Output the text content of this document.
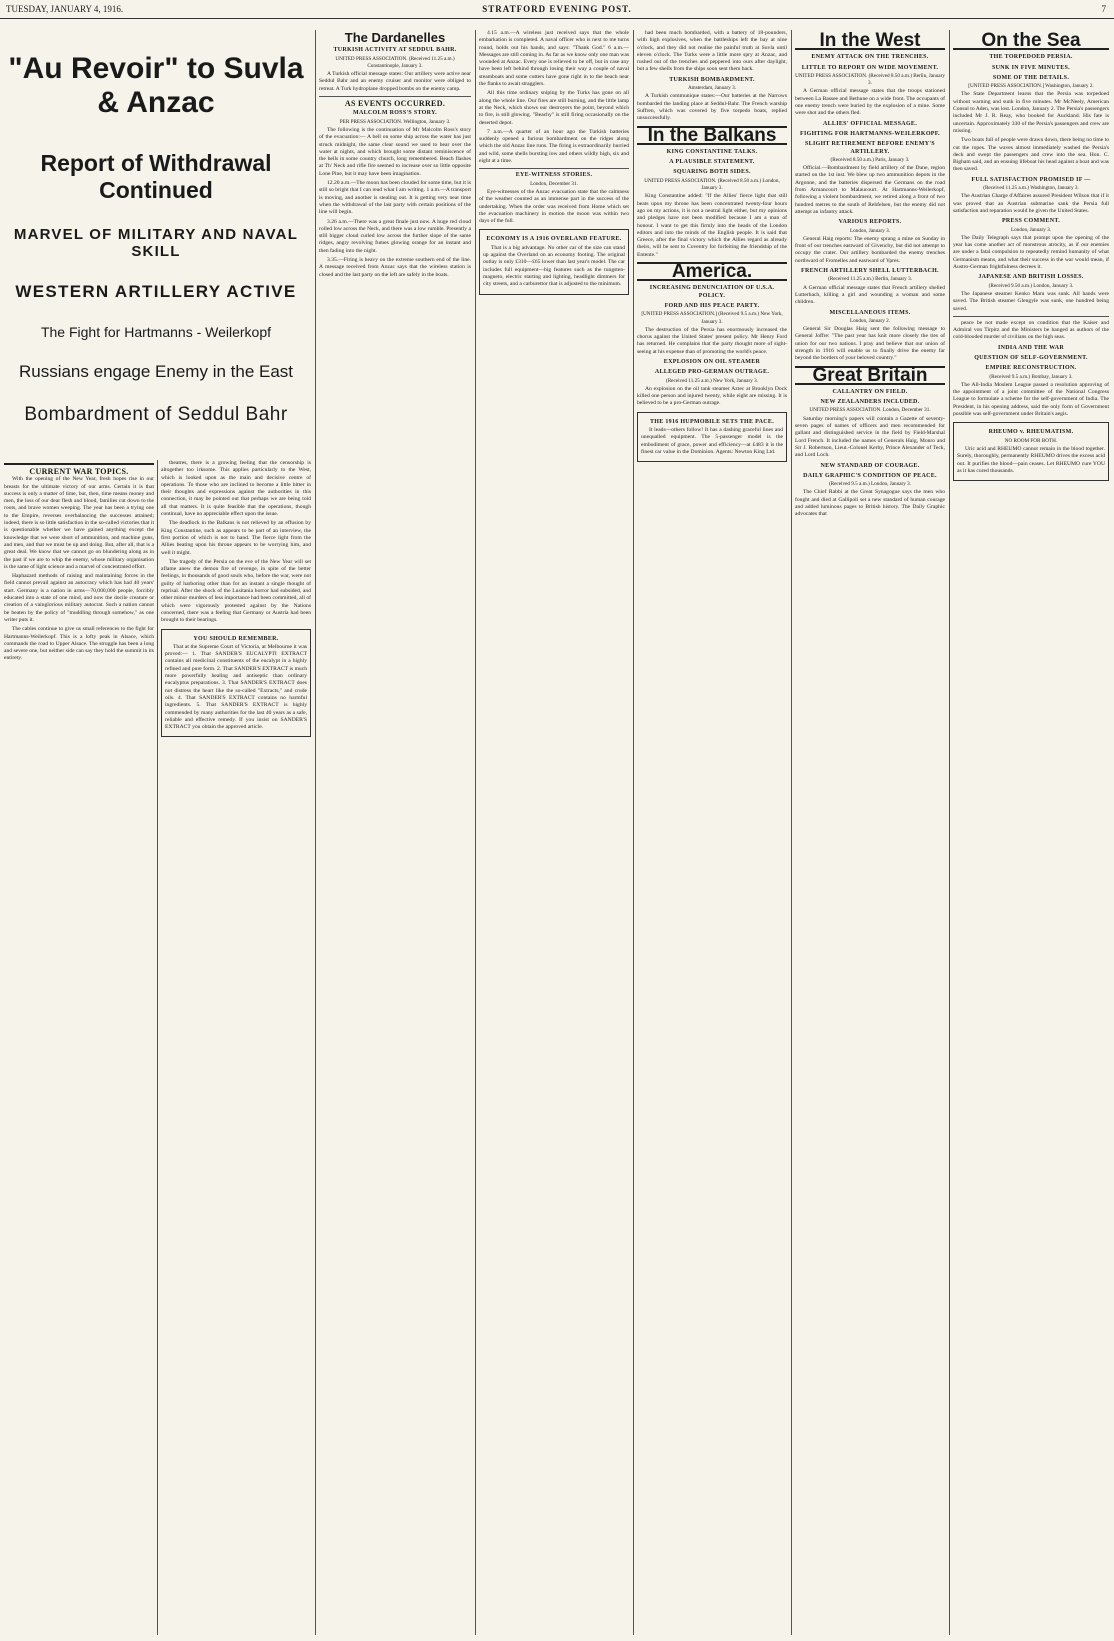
TUESDAY, JANUARY 4, 1916.	STRATFORD EVENING POST.	7
"Au Revoir" to Suvla & Anzac
Report of Withdrawal Continued
MARVEL OF MILITARY AND NAVAL SKILL
WESTERN ARTILLERY ACTIVE
The Fight for Hartmanns - Weilerkopf
Russians engage Enemy in the East
Bombardment of Seddul Bahr
CURRENT WAR TOPICS.

With the opening of the New Year, fresh hopes rise in our breasts for the ultimate victory of our arms. Certain it is that success is only a matter of time, but, then, time means money and men, the loss of our dear flesh and blood, families cut down to the roots, and brave women weeping. The year has been a trying one to the Empire, reverses overbalancing the successes attained; indeed, there is so little satisfaction in the so-called victories that it is questionable whether we have gained anything except the knowledge that we were short of ammunition, and machine guns, and men, and that we must be up and doing. But, after all, that is a great deal. We know that we cannot go on blundering along as in the past if we are to whip the enemy, whose military organisation is the same of light science and a marvel of concentrated effort.

Haphazard methods of raising and maintaining forces in the field cannot prevail against an autocracy which has had 40 years' start. Germany is a nation in arms—70,000,000 people, forcibly educated into a state of one mind, and now the docile creature or creation of a vainglorious military autocrat. Such a nation cannot be beaten by the policy of "muddling through somehow," as one writer puts it.

The cables continue to give us small references to the fight for Hartmanns-Weilerkopf. This is a lofty peak in Alsace, which commands the road to Upper Alsace. The struggle has been a long and severe one, but neither side can say they hold the summit in its entirety.

theatres, there is a growing feeling that the censorship is altogether too irksome. This applies particularly to the West, which is looked upon as the main and decisive centre of operations. To those who are inclined to become a little bitter in their thoughts and expressions against the authorities in this connection, it may be pointed out that perhaps we are being told all that matters. It is quite feasible that the operations, though continual, have no appreciable effect upon the issue.

The deadlock in the Balkans is not relieved by an effusion by King Constantine, such as appears to be part of an interview, the first portion of which is not to hand. The fierce light from the Allies beating upon his throne appears to be worrying him, and well it might.

The tragedy of the Persia on the eve of the New Year will set aflame anew the demon fire of revenge, in spite of the better feelings, in thousands of good souls who, before the war, were not guilty of harboring other than for an instant a single thought of reprisal. After the shock of the Lusitania horror had subsided, and other minor murders of less importance had been committed, all of which were vigorously protested against by the Nations concerned, there was a feeling that Germany or Austria had been brought to their bearings.

YOU SHOULD REMEMBER.

That at the Supreme Court of Victoria, at Melbourne it was proved:— 1. That SANDER'S EUCALYPTI EXTRACT contains all medicinal constituents of the eucalypt in a highly refined and pure form. 2. That SANDER'S EXTRACT is much more powerfully healing and antiseptic than ordinary eucalyptus preparations. 3. That SANDER'S EXTRACT does not distress the heart like the so-called "Extracts," and crude oils. 4. That SANDER'S EXTRACT contains no harmful ingredients. 5. That SANDER'S EXTRACT is highly commended by many authorities for the last 40 years as a safe, reliable and effective remedy. If you insist on SANDER'S EXTRACT you obtain the approved article.

The Dardanelles
TURKISH ACTIVITY AT SEDDUL BAHR.
UNITED PRESS ASSOCIATION. (Received 11.25 a.m.) Constantinople, January 3.

A Turkish official message states: Our artillery were active near Seddul Bahr and an enemy cruiser and monitor were obliged to retreat. A Turk hydroplane dropped bombs on the enemy camp.

AS EVENTS OCCURRED.
MALCOLM ROSS'S STORY.
PER PRESS ASSOCIATION. Wellington, January 3.

The following is the continuation of Mr Malcolm Ross's story of the evacuation:— A bell on some ship across the water has just struck midnight, the same clear sound we used to hear over the water at nights, and which brought some distant reminiscence of the bells in some country church, long remembered. Beach flashes at Th' Neck and rifle fire seemed to increase over so little opposite Lone Pine, but it may have been imagination.

12.20 a.m.—The moon has been clouded for some time, but it is still so bright that I can read what I am writing. 1 a.m.—A transport is moving, and another is stealing out. It is getting very near time when the withdrawal of the last party with certain positions of the line will begin.

3.26 a.m.—There was a great finale just now. A huge red cloud rolled low across the Neck, and there was a low rumble. Presently a still bigger cloud curled low across the further slope of the same ridges, angry revolving fumes glowing orange for an instant and then fading into the night.

3.35.—Firing is heavy on the extreme southern end of the line. A message received from Anzac says that the wireless station is closed and the last party on the left are safely in the boats.

4.15 a.m.—A wireless just received says that the whole embarkation is completed. A naval officer who is next to me turns round, holds out his hands, and says: "Thank God." 6 a.m.—Messages are still coming in. As far as we know only one man was wounded at Anzac. Every one is relieved to be off, but in case any have been left behind through losing their way a couple of naval steamboats and some cutters have gone right in to the beach near the flanks to await stragglers.

All this time ordinary sniping by the Turks has gone on all along the whole line. Our fires are still burning, and the little lamp at the Neck, which shows our destroyers the point, beyond which to fire, is still glowing. "Beachy" is still firing occasionally on the deserted depot.

7 a.m.—A quarter of an hour ago the Turkish batteries suddenly opened a furious bombardment on the ridges along which the old Anzac line runs. The firing is extraordinarily hurried and wild, some shells bursting low and others wildly high, six and eight at a time.

EYE-WITNESS STORIES.
London, December 31.

Eye-witnesses of the Anzac evacuation state that the calmness of the weather counted as an immense part in the success of the undertaking. When the order was received from Home which set the evacuation machinery in motion the moon was within two days of the full.

ECONOMY IS A 1916 OVERLAND FEATURE.

That is a big advantage. No other car of the size can stand up against the Overland on an economy footing. The original outlay is only £310—£65 lower than last year's model. The car includes full equipment—big features such as the tungsten-magneto, electric starting and lighting, headlight dimmers for city streets, and a carburettor that is adjusted to the minimum.

had been much bombarded, with a battery of 18-pounders, with high explosives, when the battleships left the bay at nine o'clock, and they did not realise the painful truth at Suvla until eleven o'clock. The Turks were a little more spry at Anzac, and rushed out of the trenches and peppered into ours after daylight, but a few shells from the ships soon sent them back.

TURKISH BOMBARDMENT.
Amsterdam, January 3.

A Turkish communique states:—Our batteries at the Narrows bombarded the landing place at Seddul-Bahr. The French warship Suffren, which was covered by five torpedo boats, replied unsuccessfully.

In the Balkans
KING CONSTANTINE TALKS.
A PLAUSIBLE STATEMENT.
SQUARING BOTH SIDES.
UNITED PRESS ASSOCIATION. (Received 8.50 a.m.) London, January 3.

King Constantine added: "If the Allies' fierce light that still beats upon my throne has been concentrated twenty-four hours ago on my actions, it is not a neutral light either, but my opinions and pledges have not been modified because I am a man of honour. I want to get this firmly into the heads of the London editors and into the minds of the English people. It is said that Greece, after the final victory which the Allies regard as already theirs, will be sent to Coventry for forfeiting the friendship of the Entente."

America.
INCREASING DENUNCIATION OF U.S.A. POLICY.
FORD AND HIS PEACE PARTY.
[UNITED PRESS ASSOCIATION.] (Received 9.5 a.m.) New York, January 3.

The destruction of the Persia has enormously increased the chorus against the United States' present policy. Mr Henry Ford has returned. He complains that the party thought more of sight-seeing at his expense than of promoting the world's peace.

EXPLOSION ON OIL STEAMER
ALLEGED PRO-GERMAN OUTRAGE.
(Received 11.25 a.m.) New York, January 3.

An explosion on the oil tank steamer Aztec at Brooklyn Dock killed one person and injured twenty, while eight are missing. It is believed to be a pro-German outrage.

THE 1916 HUPMOBILE SETS THE PACE.

It leads—others follow! It has a dashing graceful lines and unequalled equipment. The 5-passenger model is the embodiment of grace, power and efficiency—at £483 it is the finest car value in the Dominion. Agents: Newton King Ltd.

In the West
ENEMY ATTACK ON THE TRENCHES.
LITTLE TO REPORT ON WIDE MOVEMENT.
UNITED PRESS ASSOCIATION. (Received 8.50 a.m.) Berlin, January 3.

A German official message states that the troops stationed between La Bassee and Bethune on a wide front. The occupants of one enemy trench were buried by the explosion of a mine. Some were shot and the others fled.

ALLIES' OFFICIAL MESSAGE.
FIGHTING FOR HARTMANNS-WEILERKOPF.
SLIGHT RETIREMENT BEFORE ENEMY'S ARTILLERY.
(Received 8.50 a.m.) Paris, January 3.

Official.—Bombardment by field artillery of the Dune, region started on the 1st inst. We blew up two ammunition depots in the Argonne, and the batteries dispersed the Germans on the road from Armancourt to Malaucourt. At Hartmanns-Weilerkopf, following a violent bombardment, we retired along a front of two hundred metres to the south of Rehfelsen, but the enemy did not attempt an infantry attack.

VARIOUS REPORTS.
London, January 3.

General Haig reports: The enemy sprang a mine on Sunday in front of our trenches eastward of Givenchy, but did not attempt to occupy the crater. Our artillery bombarded the enemy trenches northward of Fromelles and eastward of Ypres.

FRENCH ARTILLERY SHELL LUTTERBACH.
(Received 11.25 a.m.) Berlin, January 3.

A German official message states that French artillery shelled Lutterbach, killing a girl and wounding a woman and some children.

MISCELLANEOUS ITEMS.
London, January 2.

General Sir Douglas Haig sent the following message to General Joffre: "The past year has knit more closely the ties of union for our two nations. I pray and believe that our union of strength in 1916 will enable us to finally drive the enemy far beyond the borders of your beloved country."

Great Britain
CALLANTRY ON FIELD.
NEW ZEALANDERS INCLUDED.
UNITED PRESS ASSOCIATION. London, December 31.

Saturday morning's papers will contain a Gazette of seventy-seven pages of names of officers and men recommended for gallant and distinguished service in the field by Field-Marshal Lord French. It included the names of Generals Haig, Monro and Sir J. Robertson, Lieut.-Colonel Kerby, Prince Alexander of Teck, and Lord Loch.

NEW STANDARD OF COURAGE.
DAILY GRAPHIC'S CONDITION OF PEACE.
(Received 9.5 a.m.) London, January 3.

The Chief Rabbi at the Great Synagogue says the men who fought and died at Gallipoli set a new standard of human courage and added luminous pages to British history. The Daily Graphic advocates that

On the Sea
THE TORPEDOED PERSIA.
SUNK IN FIVE MINUTES.
SOME OF THE DETAILS.
[UNITED PRESS ASSOCIATION.] Washington, January 2.

The State Department learns that the Persia was torpedoed without warning and sunk in five minutes. Mr McNeely, American Consul to Aden, was lost. London, January 2. The Persia's passengers included Mr J. R. Reay, who booked for Auckland. His fate is uncertain. Approximately 330 of the Persia's passengers and crew are missing.

Two boats full of people were drawn down, there being no time to cut the ropes. The waves almost immediately washed the Persia's deck and swept the passengers and crew into the sea. Hon. C. Bigham said, and an ensuing lifeboat his head against a boat and was then saved.

FULL SATISFACTION PROMISED IF —
(Received 11.25 a.m.) Washington, January 3.

The Austrian Charge d'Affaires assured President Wilson that if it was proved that an Austrian submarine sank the Persia full satisfaction and reparation would be given the United States.

PRESS COMMENT.
London, January 3.

The Daily Telegraph says that prompt upon the opening of the year has come another act of monstrous atrocity, as if our enemies are under a fatal compulsion to repeatedly remind humanity of what Germanism means, and what their success in the war would mean, if Austro-German frightfulness decrees it.

JAPANESE AND BRITISH LOSSES.
(Received 9.50 a.m.) London, January 3.

The Japanese steamer Kenko Maru was sunk. All hands were saved. The British steamer Glengyle was sunk, one hundred being saved.

peace be not made except on condition that the Kaiser and Admiral von Tirpitz and the Ministers be hanged as authors of the cold-blooded murder of civilians on the high seas.

INDIA AND THE WAR
QUESTION OF SELF-GOVERNMENT.
EMPIRE RECONSTRUCTION.
(Received 9.5 a.m.) Bombay, January 3.

The All-India Moslem League passed a resolution approving of the appointment of a joint committee of the National Congress League to formulate a scheme for the self-government of India. The President, in his opening address, said the only form of Government possible was self-government under Britain's aegis.

RHEUMO v. RHEUMATISM.
NO ROOM FOR BOTH.

Uric acid and RHEUMO cannot remain in the blood together. Surely, thoroughly, permanently RHEUMO drives the excess acid out. It purifies the blood—pain ceases. Let RHEUMO cure YOU as it has cured thousands.
